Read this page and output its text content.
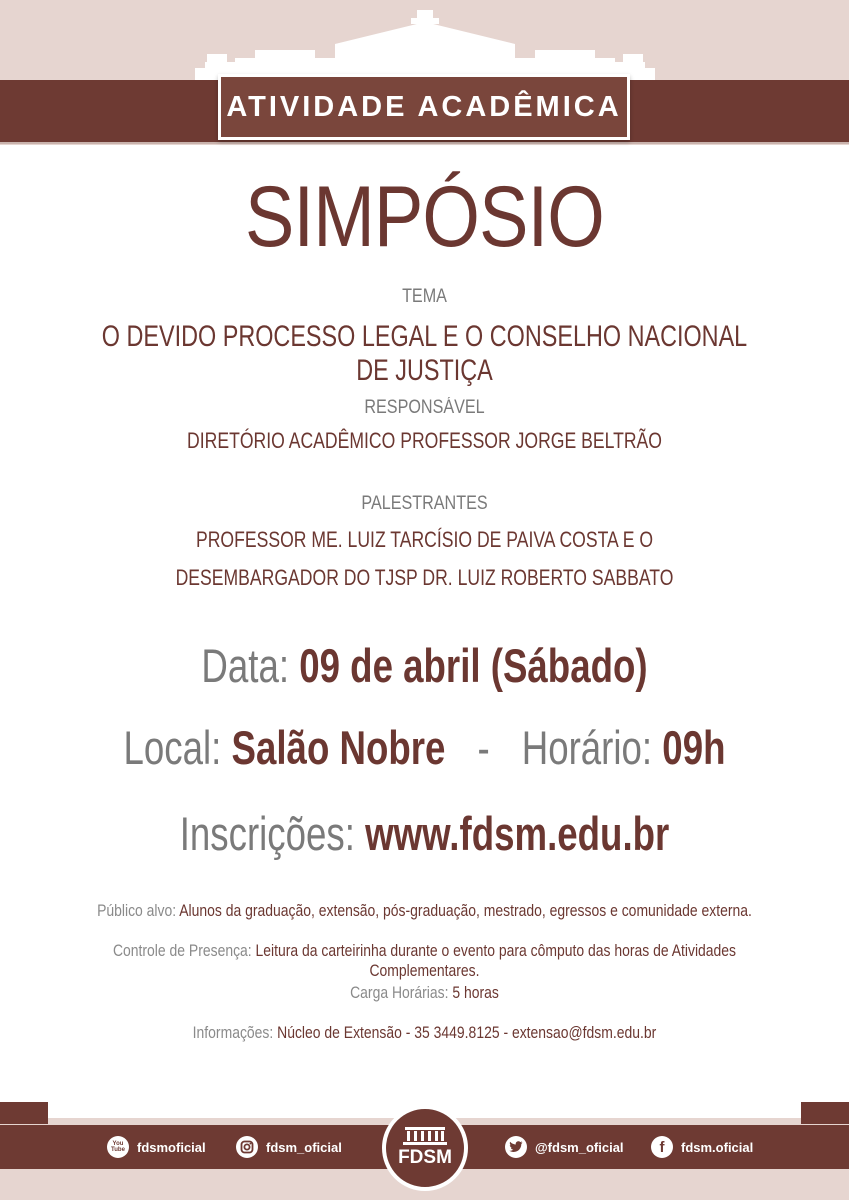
ATIVIDADE ACADÊMICA
SIMPÓSIO
TEMA
O DEVIDO PROCESSO LEGAL E O CONSELHO NACIONAL DE JUSTIÇA
RESPONSÁVEL
DIRETÓRIO ACADÊMICO PROFESSOR JORGE BELTRÃO
PALESTRANTES
PROFESSOR ME. LUIZ TARCÍSIO DE PAIVA COSTA E O
DESEMBARGADOR DO TJSP DR. LUIZ ROBERTO SABBATO
Data: 09 de abril (Sábado)
Local: Salão Nobre - Horário: 09h
Inscrições: www.fdsm.edu.br
Público alvo: Alunos da graduação, extensão, pós-graduação, mestrado, egressos e comunidade externa.
Controle de Presença: Leitura da carteirinha durante o evento para cômputo das horas de Atividades Complementares.
Carga Horárias: 5 horas
Informações: Núcleo de Extensão - 35 3449.8125 - extensao@fdsm.edu.br
You Tube fdsmoficial	fdsm_oficial	FDSM	@fdsm_oficial	f	fdsm.oficial
